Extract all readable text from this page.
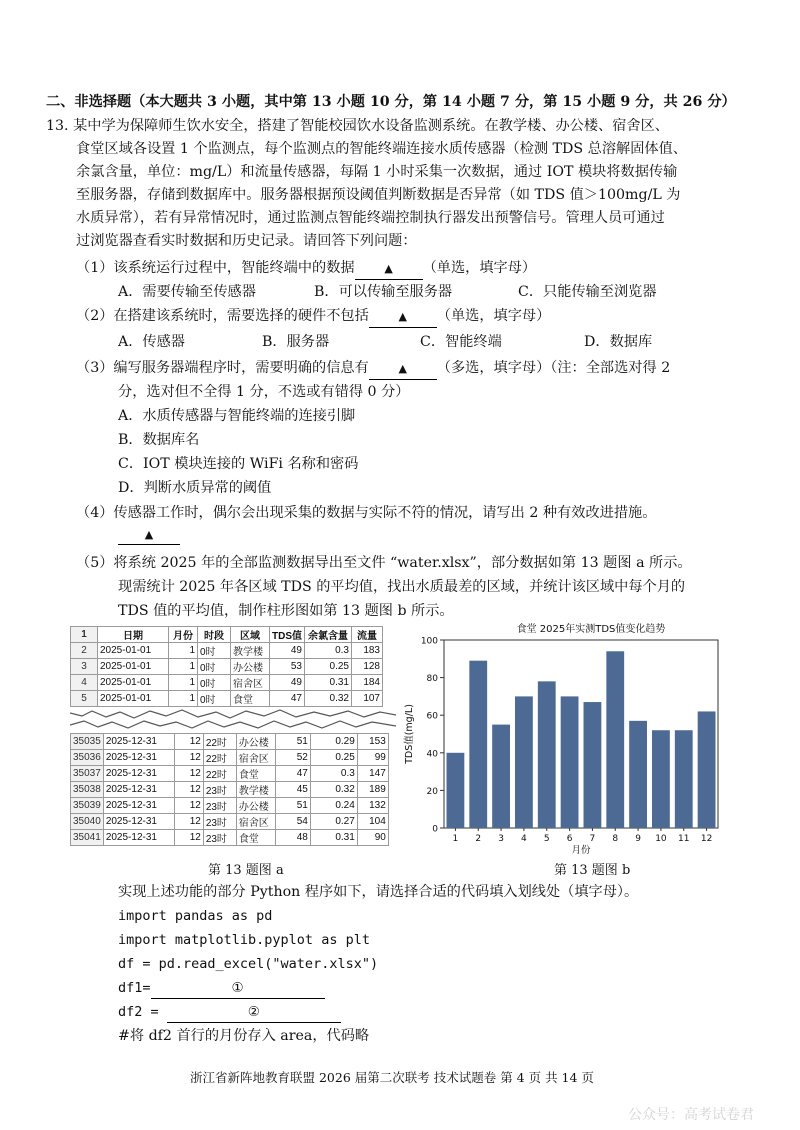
二、非选择题（本大题共 3 小题，其中第 13 小题 10 分，第 14 小题 7 分，第 15 小题 9 分，共 26 分）
13. 某中学为保障师生饮水安全，搭建了智能校园饮水设备监测系统。在教学楼、办公楼、宿舍区、
食堂区域各设置 1 个监测点，每个监测点的智能终端连接水质传感器（检测 TDS 总溶解固体值、
余氯含量，单位：mg/L）和流量传感器，每隔 1 小时采集一次数据，通过 IOT 模块将数据传输
至服务器，存储到数据库中。服务器根据预设阈值判断数据是否异常（如 TDS 值＞100mg/L 为
水质异常），若有异常情况时，通过监测点智能终端控制执行器发出预警信号。管理人员可通过
过浏览器查看实时数据和历史记录。请回答下列问题：
（1）该系统运行过程中，智能终端中的数据	▲ （单选，填字母）
A．需要传输至传感器	B．可以传输至服务器	C．只能传输至浏览器
（2）在搭建该系统时，需要选择的硬件不包括	▲ （单选，填字母）
A．传感器	B．服务器	C．智能终端	D．数据库
（3）编写服务器端程序时，需要明确的信息有	▲ （多选，填字母）（注：全部选对得 2
分，选对但不全得 1 分，不选或有错得 0 分）
A．水质传感器与智能终端的连接引脚
B．数据库名
C．IOT 模块连接的 WiFi 名称和密码
D．判断水质异常的阈值
（4）传感器工作时，偶尔会出现采集的数据与实际不符的情况，请写出 2 种有效改进措施。
▲
（5）将系统 2025 年的全部监测数据导出至文件 “water.xlsx”，部分数据如第 13 题图 a 所示。
现需统计 2025 年各区域 TDS 的平均值，找出水质最差的区域，并统计该区域中每个月的
TDS 值的平均值，制作柱形图如第 13 题图 b 所示。
1	日期	月份	时段	区域	TDS值	余氯含量	流量
2	2025-01-01	1	0时	教学楼	49	0.3	183
3	2025-01-01	1	0时	办公楼	53	0.25	128
4	2025-01-01	1	0时	宿舍区	49	0.31	184
5	2025-01-01	1	0时	食堂	47	0.32	107
35035	2025-12-31	12	22时	办公楼	51	0.29	153
35036	2025-12-31	12	22时	宿舍区	52	0.25	99
35037	2025-12-31	12	22时	食堂	47	0.3	147
35038	2025-12-31	12	23时	教学楼	45	0.32	189
35039	2025-12-31	12	23时	办公楼	51	0.24	132
35040	2025-12-31	12	23时	宿舍区	54	0.27	104
35041	2025-12-31	12	23时	食堂	48	0.31	90
食堂 2025年实测TDS值变化趋势
0
20
40
60
80
100
1 2 3 4 5 6 7 8 9 10 11 12
月份
TDS值(mg/L)
浙考神墙750
第 13 题图 a	第 13 题图 b
实现上述功能的部分 Python 程序如下，请选择合适的代码填入划线处（填字母）。
import pandas as pd
import matplotlib.pyplot as plt
df = pd.read_excel("water.xlsx")
df1=	①
df2 =	②
#将 df2 首行的月份存入 area，代码略
浙江省新阵地教育联盟 2026 届第二次联考 技术试题卷 第 4 页 共 14 页
公众号：高考试卷君
